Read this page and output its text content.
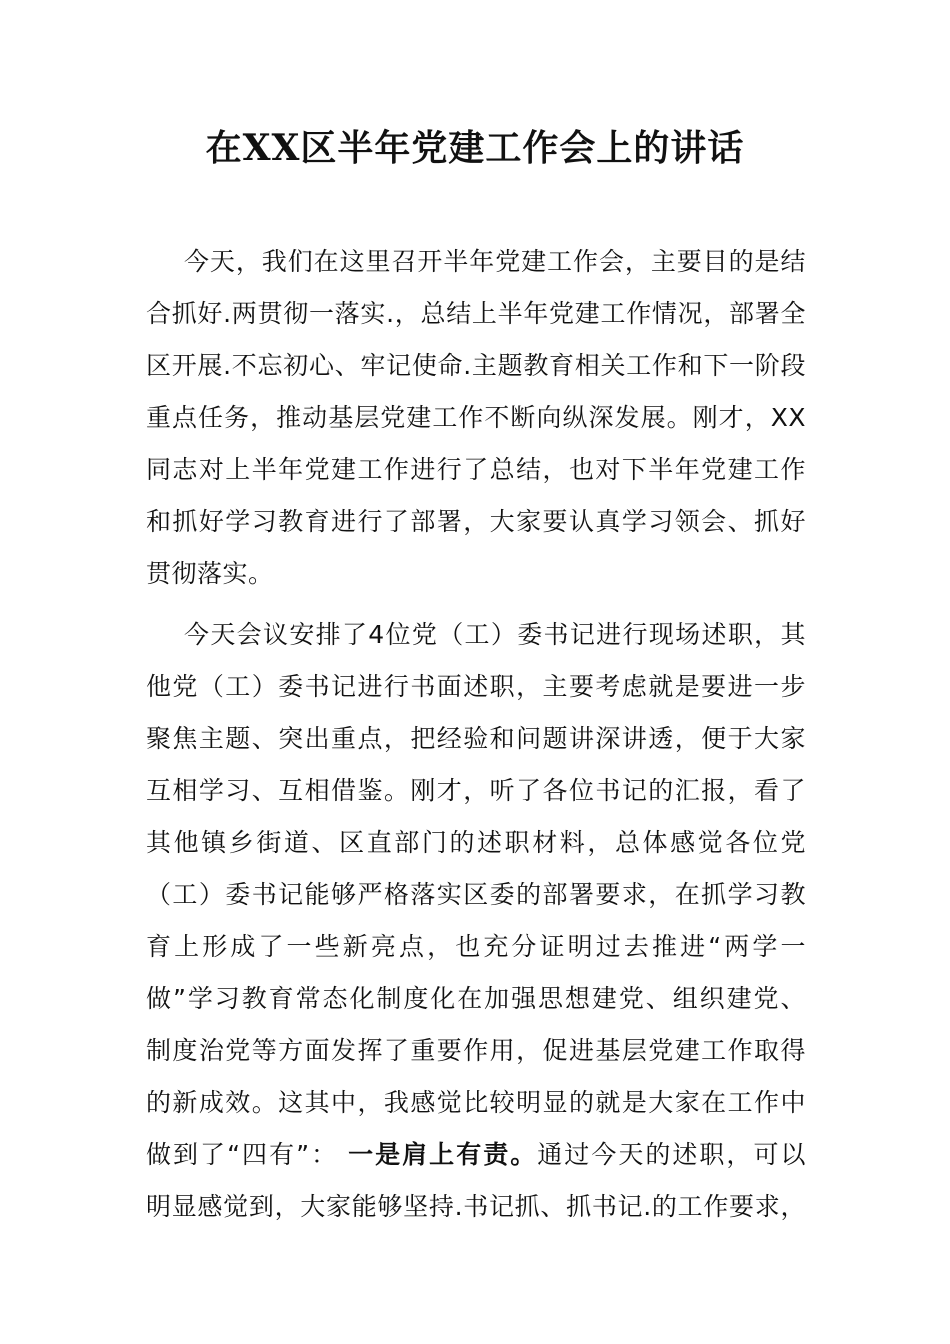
在XX区半年党建工作会上的讲话
今天，我们在这里召开半年党建工作会，主要目的是结
合抓好.两贯彻一落实.，总结上半年党建工作情况，部署全
区开展.不忘初心、牢记使命.主题教育相关工作和下一阶段
重点任务，推动基层党建工作不断向纵深发展。刚才，XX
同志对上半年党建工作进行了总结，也对下半年党建工作
和抓好学习教育进行了部署，大家要认真学习领会、抓好
贯彻落实。
今天会议安排了4位党（工）委书记进行现场述职，其
他党（工）委书记进行书面述职，主要考虑就是要进一步
聚焦主题、突出重点，把经验和问题讲深讲透，便于大家
互相学习、互相借鉴。刚才，听了各位书记的汇报，看了
其他镇乡街道、区直部门的述职材料，总体感觉各位党
（工）委书记能够严格落实区委的部署要求，在抓学习教
育上形成了一些新亮点，也充分证明过去推进“两学一
做”学习教育常态化制度化在加强思想建党、组织建党、
制度治党等方面发挥了重要作用，促进基层党建工作取得
的新成效。这其中，我感觉比较明显的就是大家在工作中
做到了“四有”： 一是肩上有责。通过今天的述职，可以
明显感觉到，大家能够坚持.书记抓、抓书记.的工作要求，
